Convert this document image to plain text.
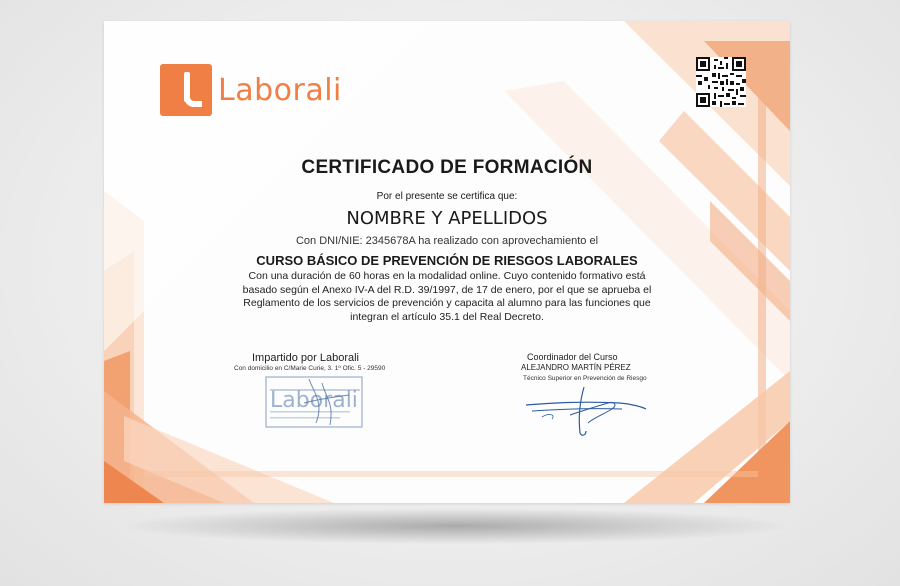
Laborali
CERTIFICADO DE FORMACIÓN
Por el presente se certifica que:
NOMBRE Y APELLIDOS
Con DNI/NIE: 2345678A ha realizado con aprovechamiento el
CURSO BÁSICO DE PREVENCIÓN DE RIESGOS LABORALES
Con una duración de 60 horas en la modalidad online. Cuyo contenido formativo está basado según el Anexo IV-A del R.D. 39/1997, de 17 de enero, por el que se aprueba el Reglamento de los servicios de prevención y capacita al alumno para las funciones que integran el artículo 35.1 del Real Decreto.
Impartido por Laborali
Con domicilio en C/Marie Curie, 3. 1º Ofic. 5 - 29590
Laborali
Coordinador del Curso
ALEJANDRO MARTÍN PÉREZ
Técnico Superior en Prevención de Riesgo
